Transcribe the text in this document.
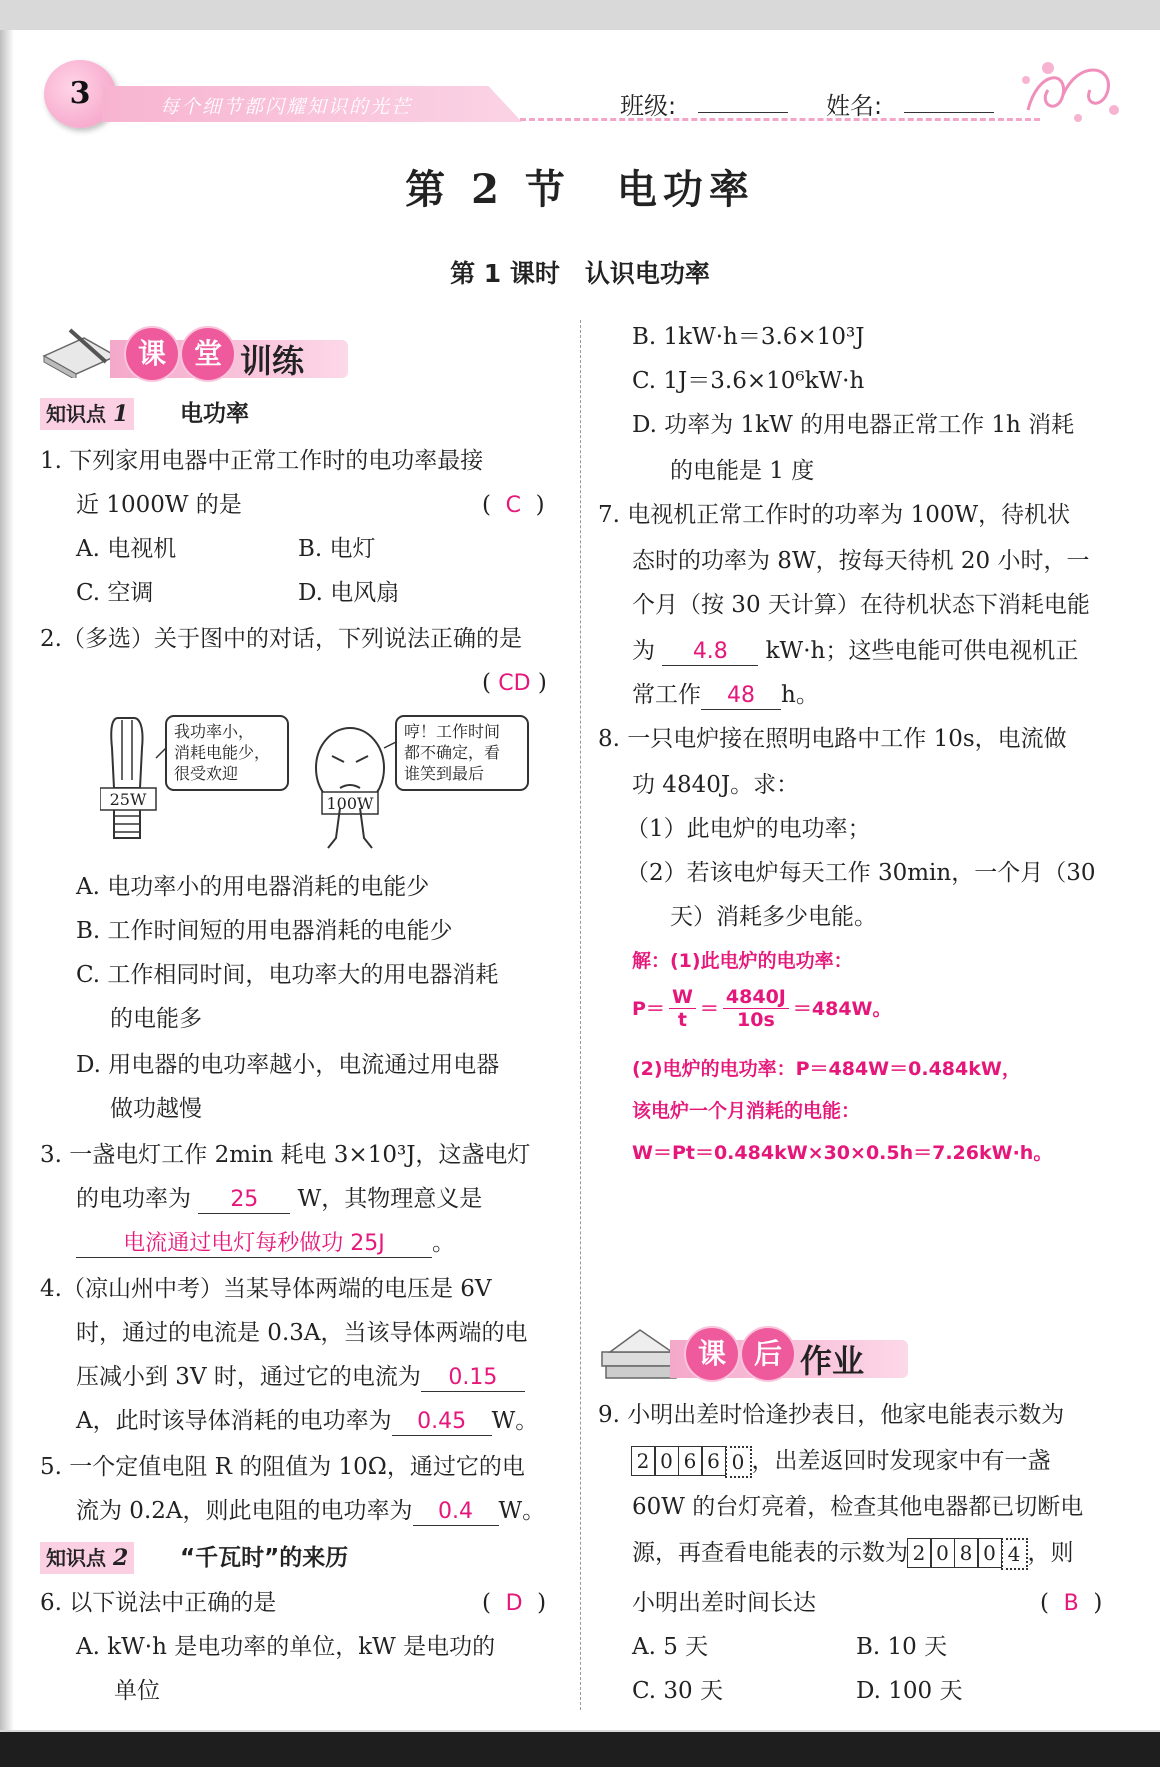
3	每个细节都闪耀知识的光芒	班级:	姓名:
第 2 节　电功率
第 1 课时　认识电功率
课 堂 训练
知识点 1 电功率
1. 下列家用电器中正常工作时的电功率最接
近 1000W 的是	(  C  )
A. 电视机	B. 电灯
C. 空调	D. 电风扇
2.（多选）关于图中的对话，下列说法正确的是
( CD )
我功率小，
消耗电能少，
很受欢迎
25W
哼！工作时间
都不确定，看
谁笑到最后
100W
A. 电功率小的用电器消耗的电能少
B. 工作时间短的用电器消耗的电能少
C. 工作相同时间，电功率大的用电器消耗
的电能多
D. 用电器的电功率越小，电流通过用电器
做功越慢
3. 一盏电灯工作 2min 耗电 3×10³J，这盏电灯
的电功率为 25 W，其物理意义是
电流通过电灯每秒做功 25J 。
4.（凉山州中考）当某导体两端的电压是 6V
时，通过的电流是 0.3A，当该导体两端的电
压减小到 3V 时，通过它的电流为 0.15
A，此时该导体消耗的电功率为 0.45 W。
5. 一个定值电阻 R 的阻值为 10Ω，通过它的电
流为 0.2A，则此电阻的电功率为 0.4 W。
知识点 2 “千瓦时”的来历
6. 以下说法中正确的是	(  D  )
A. kW·h 是电功率的单位，kW 是电功的
单位
B. 1kW·h＝3.6×10³J
C. 1J＝3.6×10⁶kW·h
D. 功率为 1kW 的用电器正常工作 1h 消耗
的电能是 1 度
7. 电视机正常工作时的功率为 100W，待机状
态时的功率为 8W，按每天待机 20 小时，一
个月（按 30 天计算）在待机状态下消耗电能
为 4.8 kW·h；这些电能可供电视机正
常工作 48 h。
8. 一只电炉接在照明电路中工作 10s，电流做
功 4840J。求：
（1）此电炉的电功率；
（2）若该电炉每天工作 30min，一个月（30
天）消耗多少电能。
解：(1)此电炉的电功率：
P＝
W
t
＝
4840J
10s
＝484W。
(2)电炉的电功率：P＝484W＝0.484kW，
该电炉一个月消耗的电能：
W＝Pt＝0.484kW×30×0.5h＝7.26kW·h。
课 后 作业
9. 小明出差时恰逢抄表日，他家电能表示数为
2 0 6 6 0 ，出差返回时发现家中有一盏
60W 的台灯亮着，检查其他电器都已切断电
源，再查看电能表的示数为 2 0 8 0 4 ，则
小明出差时间长达	(  B  )
A. 5 天	B. 10 天
C. 30 天	D. 100 天
